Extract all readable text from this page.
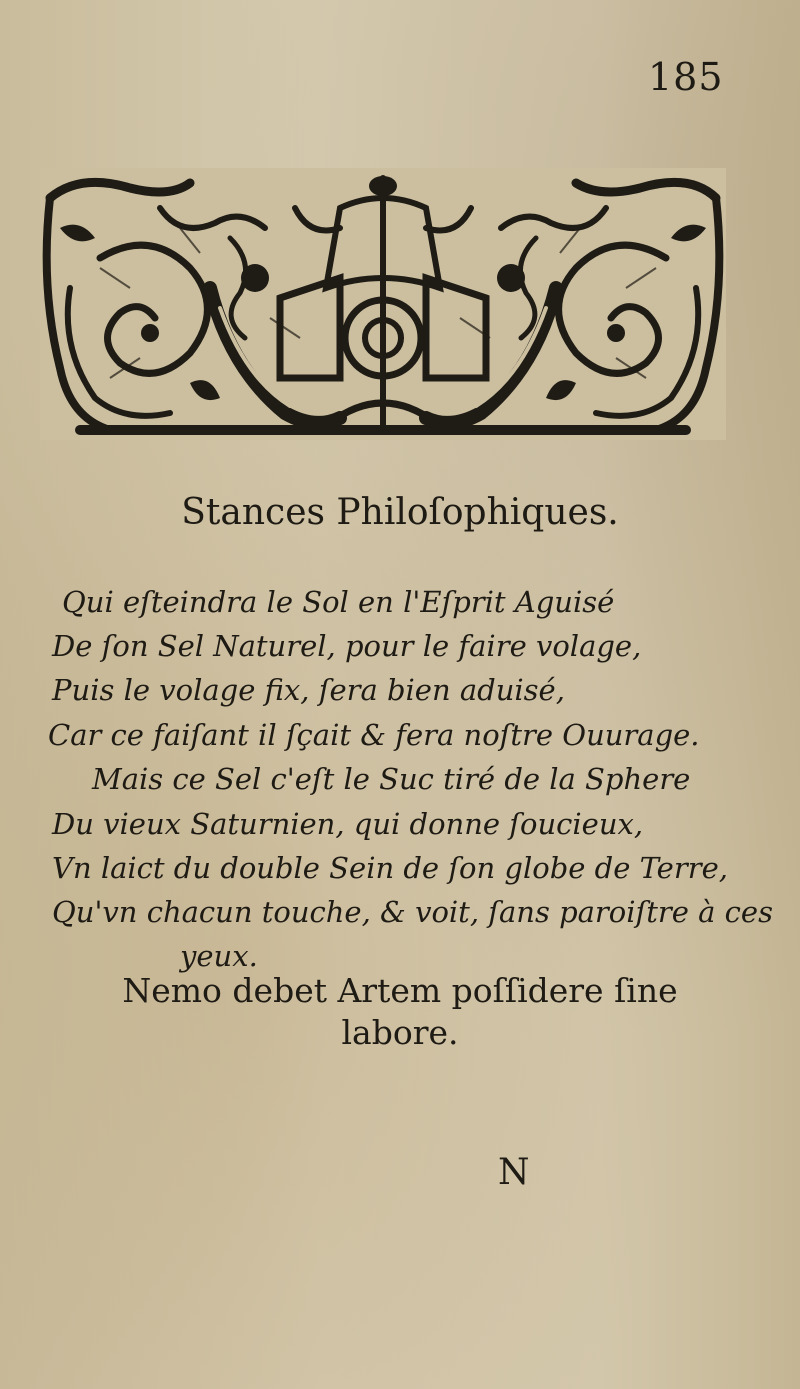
185
Stances Philoſophiques.
Qui eſteindra le Sol en l'Eſprit Aguisé
De ſon Sel Naturel, pour le faire volage,
Puis le volage fix, ſera bien aduisé,
Car ce faiſant il ſçait & fera noſtre Ouurage.
Mais ce Sel c'eſt le Suc tiré de la Sphere
Du vieux Saturnien, qui donne ſoucieux,
Vn laict du double Sein de ſon globe de Terre,
Qu'vn chacun touche, & voit, ſans paroiſtre à ces
yeux.
Nemo debet Artem poſſidere ſine
labore.
N
